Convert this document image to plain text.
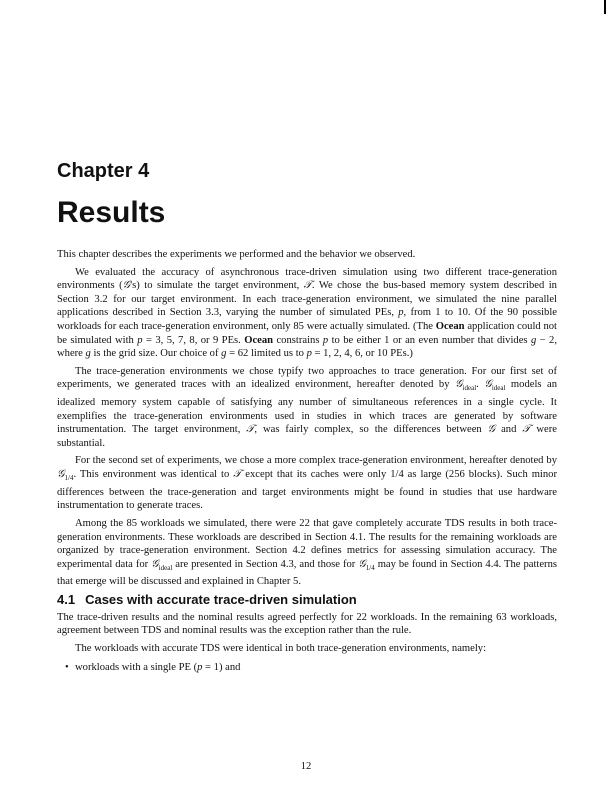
Chapter 4
Results

This chapter describes the experiments we performed and the behavior we observed.

We evaluated the accuracy of asynchronous trace-driven simulation using two different trace-generation environments (𝒢's) to simulate the target environment, 𝒯. We chose the bus-based memory system described in Section 3.2 for our target environment. In each trace-generation environment, we simulated the nine parallel applications described in Section 3.3, varying the number of simulated PEs, p, from 1 to 10. Of the 90 possible workloads for each trace-generation environment, only 85 were actually simulated. (The Ocean application could not be simulated with p = 3, 5, 7, 8, or 9 PEs. Ocean constrains p to be either 1 or an even number that divides g − 2, where g is the grid size. Our choice of g = 62 limited us to p = 1, 2, 4, 6, or 10 PEs.)

The trace-generation environments we chose typify two approaches to trace generation. For our first set of experiments, we generated traces with an idealized environment, hereafter denoted by 𝒢$_{ideal}$. 𝒢$_{ideal}$ models an idealized memory system capable of satisfying any number of simultaneous references in a single cycle. It exemplifies the trace-generation environments used in studies in which traces are generated by software instrumentation. The target environment, 𝒯, was fairly complex, so the differences between 𝒢 and 𝒯 were substantial.

For the second set of experiments, we chose a more complex trace-generation environment, hereafter denoted by 𝒢$_{1/4}$. This environment was identical to 𝒯 except that its caches were only 1/4 as large (256 blocks). Such minor differences between the trace-generation and target environments might be found in studies that use hardware instrumentation to generate traces.

Among the 85 workloads we simulated, there were 22 that gave completely accurate TDS results in both trace-generation environments. These workloads are described in Section 4.1. The results for the remaining workloads are organized by trace-generation environment. Section 4.2 defines metrics for assessing simulation accuracy. The experimental data for 𝒢$_{ideal}$ are presented in Section 4.3, and those for 𝒢$_{1/4}$ may be found in Section 4.4. The patterns that emerge will be discussed and explained in Chapter 5.

4.1 Cases with accurate trace-driven simulation

The trace-driven results and the nominal results agreed perfectly for 22 workloads. In the remaining 63 workloads, agreement between TDS and nominal results was the exception rather than the rule.

The workloads with accurate TDS were identical in both trace-generation environments, namely:

• workloads with a single PE (p = 1) and
12
